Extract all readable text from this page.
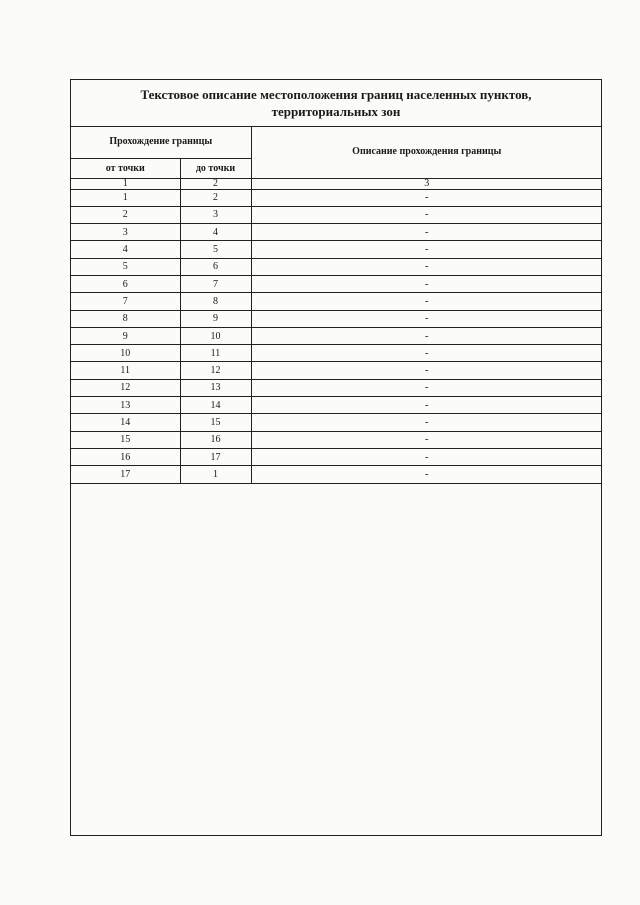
Текстовое описание местоположения границ населенных пунктов,
территориальных зон
Прохождение границы		Описание прохождения границы
от точки	до точки	
1	2	3
1	2	-
2	3	-
3	4	-
4	5	-
5	6	-
6	7	-
7	8	-
8	9	-
9	10	-
10	11	-
11	12	-
12	13	-
13	14	-
14	15	-
15	16	-
16	17	-
17	1	-
